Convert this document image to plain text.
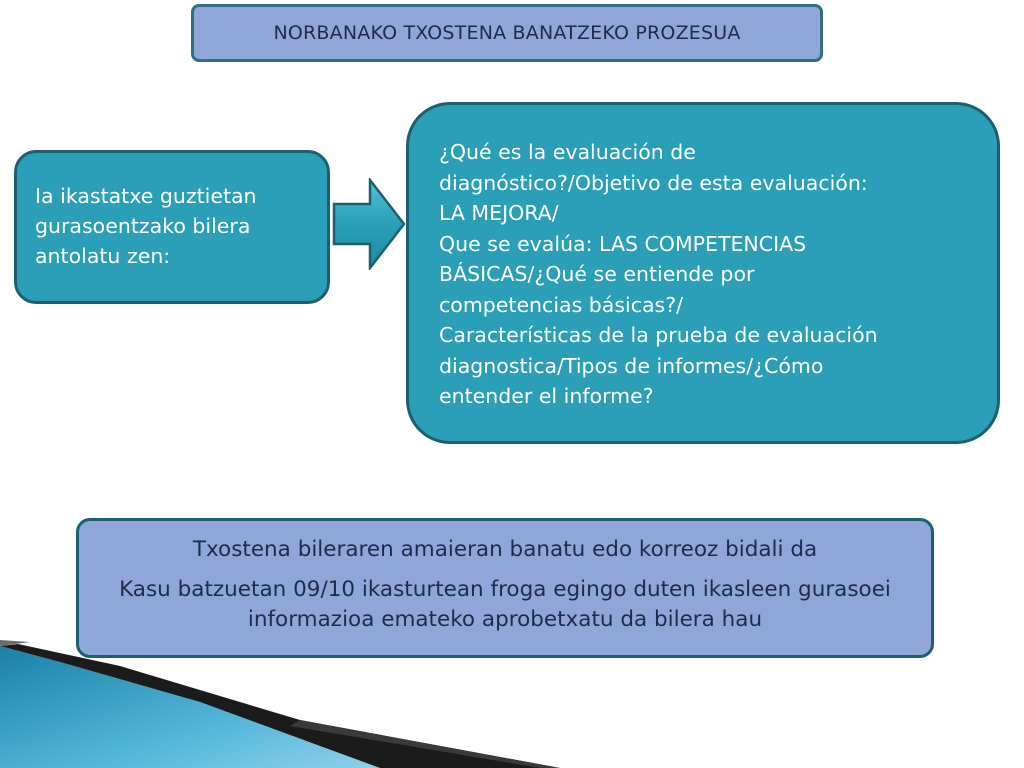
NORBANAKO TXOSTENA BANATZEKO PROZESUA
Ia ikastatxe guztietan
gurasoentzako bilera
antolatu zen:
¿Qué es la evaluación de
diagnóstico?/Objetivo de esta evaluación:
LA MEJORA/
Que se evalúa: LAS COMPETENCIAS
BÁSICAS/¿Qué se entiende por
competencias básicas?/
Características de la prueba de evaluación
diagnostica/Tipos de informes/¿Cómo
entender el informe?
Txostena bileraren amaieran banatu edo korreoz bidali da
Kasu batzuetan 09/10 ikasturtean froga egingo duten ikasleen gurasoei informazioa emateko aprobetxatu da bilera hau
